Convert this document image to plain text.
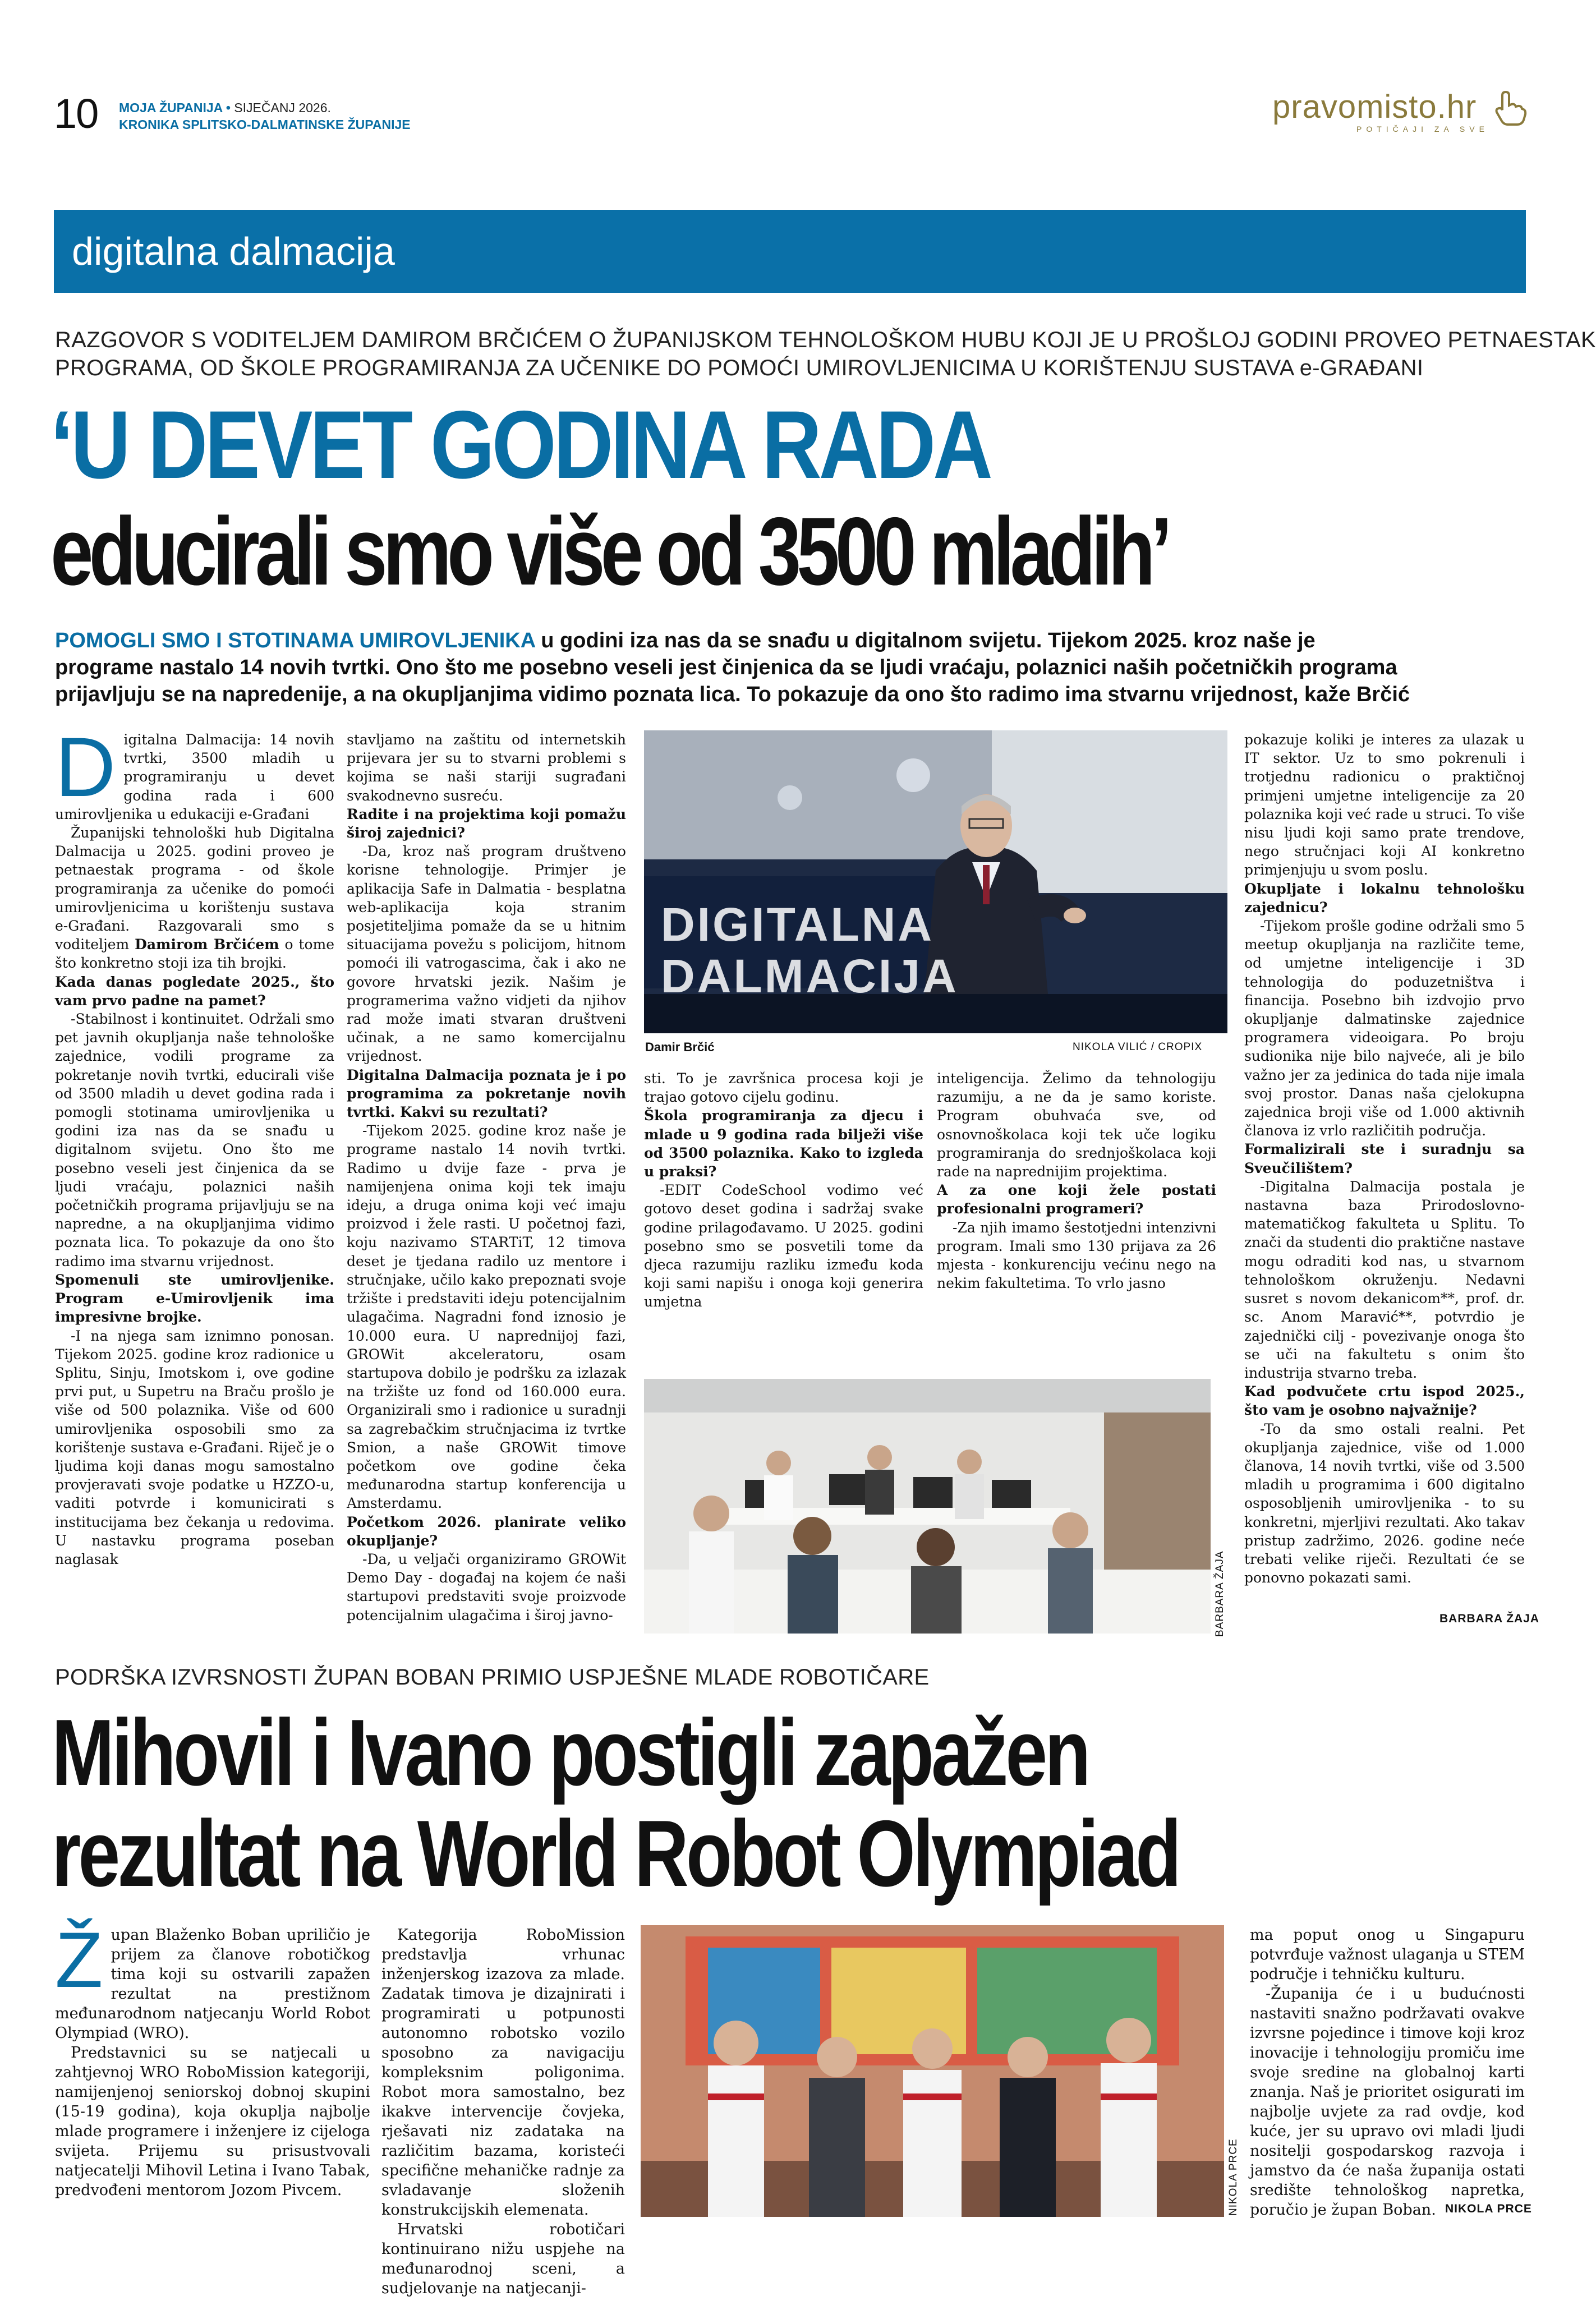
10 MOJA ŽUPANIJA • SIJEČANJ 2026.
KRONIKA SPLITSKO-DALMATINSKE ŽUPANIJE	pravomisto.hr
POTIČAJI ZA SVE
digitalna dalmacija
RAZGOVOR S VODITELJEM DAMIROM BRČIĆEM O ŽUPANIJSKOM TEHNOLOŠKOM HUBU KOJI JE U PROŠLOJ GODINI PROVEO PETNAESTAK
PROGRAMA, OD ŠKOLE PROGRAMIRANJA ZA UČENIKE DO POMOĆI UMIROVLJENICIMA U KORIŠTENJU SUSTAVA e-GRAĐANI
‘U DEVET GODINA RADA
educirali smo više od 3500 mladih’
POMOGLI SMO I STOTINAMA UMIROVLJENIKA u godini iza nas da se snađu u digitalnom svijetu. Tijekom 2025. kroz naše je
programe nastalo 14 novih tvrtki. Ono što me posebno veseli jest činjenica da se ljudi vraćaju, polaznici naših početničkih programa
prijavljuju se na napredenije, a na okupljanjima vidimo poznata lica. To pokazuje da ono što radimo ima stvarnu vrijednost, kaže Brčić
D igitalna Dalmacija: 14 novih tvrtki, 3500 mladih u programiranju u devet godina rada i 600 umirovljenika u edukaciji e-Građani

Županijski tehnološki hub Digitalna Dalmacija u 2025. godini proveo je petnaestak programa - od škole programiranja za učenike do pomoći umirovljenicima u korištenju sustava e-Građani. Razgovarali smo s voditeljem Damirom Brčićem o tome što konkretno stoji iza tih brojki.

Kada danas pogledate 2025., što vam prvo padne na pamet?

-Stabilnost i kontinuitet. Održali smo pet javnih okupljanja naše tehnološke zajednice, vodili programe za pokretanje novih tvrtki, educirali više od 3500 mladih u devet godina rada i pomogli stotinama umirovljenika u godini iza nas da se snađu u digitalnom svijetu. Ono što me posebno veseli jest činjenica da se ljudi vraćaju, polaznici naših početničkih programa prijavljuju se na napredne, a na okupljanjima vidimo poznata lica. To pokazuje da ono što radimo ima stvarnu vrijednost.

Spomenuli ste umirovljenike. Program e-Umirovljenik ima impresivne brojke.

-I na njega sam iznimno ponosan. Tijekom 2025. godine kroz radionice u Splitu, Sinju, Imotskom i, ove godine prvi put, u Supetru na Braču prošlo je više od 500 polaznika. Više od 600 umirovljenika osposobili smo za korištenje sustava e-Građani. Riječ je o ljudima koji danas mogu samostalno provjeravati svoje podatke u HZZO-u, vaditi potvrde i komunicirati s institucijama bez čekanja u redovima. U nastavku programa poseban naglasak

stavljamo na zaštitu od internetskih prijevara jer su to stvarni problemi s kojima se naši stariji sugrađani svakodnevno susreću.

Radite i na projektima koji pomažu širој zajednici?

-Da, kroz naš program društveno korisne tehnologije. Primjer je aplikacija Safe in Dalmatia - besplatna web-aplikacija koja stranim posjetiteljima pomaže da se u hitnim situacijama povežu s policijom, hitnom pomoći ili vatrogascima, čak i ako ne govore hrvatski jezik. Našim je programerima važno vidjeti da njihov rad može imati stvaran društveni učinak, a ne samo komercijalnu vrijednost.

Digitalna Dalmacija poznata je i po programima za pokretanje novih tvrtki. Kakvi su rezultati?

-Tijekom 2025. godine kroz naše je programe nastalo 14 novih tvrtki. Radimo u dvije faze - prva je namijenjena onima koji tek imaju ideju, a druga onima koji već imaju proizvod i žele rasti. U početnoj fazi, koju nazivamo STARTiT, 12 timova deset je tjedana radilo uz mentore i stručnjake, učilo kako prepoznati svoje tržište i predstaviti ideju potencijalnim ulagačima. Nagradni fond iznosio je 10.000 eura. U naprednijoj fazi, GROWit akceleratoru, osam startupova dobilo je podršku za izlazak na tržište uz fond od 160.000 eura. Organizirali smo i radionice u suradnji sa zagrebačkim stručnjacima iz tvrtke Smion, a naše GROWit timove početkom ove godine čeka međunarodna startup konferencija u Amsterdamu.

Početkom 2026. planirate veliko okupljanje?

-Da, u veljači organiziramo GROWit Demo Day - događaj na kojem će naši startupovi predstaviti svoje proizvode potencijalnim ulagačima i široj javno-

DIGITALNA DALMACIJA
Damir Brčić	NIKOLA VILIĆ / CROPIX

sti. To je završnica procesa koji je trajao gotovo cijelu godinu.

Škola programiranja za djecu i mlade u 9 godina rada bilježi više od 3500 polaznika. Kako to izgleda u praksi?

-EDIT CodeSchool vodimo već gotovo deset godina i sadržaj svake godine prilagođavamo. U 2025. godini posebno smo se posvetili tome da djeca razumiju razliku između koda koji sami napišu i onoga koji generira umjetna

inteligencija. Želimo da tehnologiju razumiju, a ne da je samo koriste. Program obuhvaća sve, od osnovnoškolaca koji tek uče logiku programiranja do srednjoškolaca koji rade na naprednijim projektima.

A za one koji žele postati profesionalni programeri?

-Za njih imamo šestotjedni intenzivni program. Imali smo 130 prijava za 26 mjesta - konkurenciju većinu nego na nekim fakultetima. To vrlo jasno

BARBARA ŽAJA

pokazuje koliki je interes za ulazak u IT sektor. Uz to smo pokrenuli i trotjednu radionicu o praktičnoj primjeni umjetne inteligencije za 20 polaznika koji već rade u struci. To više nisu ljudi koji samo prate trendove, nego stručnjaci koji AI konkretno primjenjuju u svom poslu.

Okupljate i lokalnu tehnološku zajednicu?

-Tijekom prošle godine održali smo 5 meetup okupljanja na različite teme, od umjetne inteligencije i 3D tehnologija do poduzetništva i financija. Posebno bih izdvojio prvo okupljanje dalmatinske zajednice programera videoigara. Po broju sudionika nije bilo najveće, ali je bilo važno jer za jedinica do tada nije imala svoj prostor. Danas naša cjelokupna zajednica broji više od 1.000 aktivnih članova iz vrlo različitih područja.

Formalizirali ste i suradnju sa Sveučilištem?

-Digitalna Dalmacija postala je nastavna baza Prirodoslovno-matematičkog fakulteta u Splitu. To znači da studenti dio praktične nastave mogu odraditi kod nas, u stvarnom tehnološkom okruženju. Nedavni susret s novom dekanicom**, prof. dr. sc. Anom Maravić**, potvrdio je zajednički cilj - povezivanje onoga što se uči na fakultetu s onim što industrija stvarno treba.

Kad podvučete crtu ispod 2025., što vam je osobno najvažnije?

-To da smo ostali realni. Pet okupljanja zajednice, više od 1.000 članova, 14 novih tvrtki, više od 3.500 mladih u programima i 600 digitalno osposobljenih umirovljenika - to su konkretni, mjerljivi rezultati. Ako takav pristup zadržimo, 2026. godine neće trebati velike riječi. Rezultati će se ponovno pokazati sami.

BARBARA ŽAJA
PODRŠKA IZVRSNOSTI ŽUPAN BOBAN PRIMIO USPJEŠNE MLADE ROBOTIČARE
Mihovil i Ivano postigli zapažen
rezultat na World Robot Olympiad
Ž upan Blaženko Boban upriličio je prijem za članove robotičkog tima koji su ostvarili zapažen rezultat na prestižnom međunarodnom natjecanju World Robot Olympiad (WRO).

Predstavnici su se natjecali u zahtjevnoj WRO RoboMission kategoriji, namijenjenoj seniorskoj dobnoj skupini (15-19 godina), koja okuplja najbolje mlade programere i inženjere iz cijeloga svijeta. Prijemu su prisustvovali natjecatelji Mihovil Letina i Ivano Tabak, predvođeni mentorom Jozom Pivcem.

Kategorija RoboMission predstavlja vrhunac inženjerskog izazova za mlade. Zadatak timova je dizajnirati i programirati u potpunosti autonomno robotsko vozilo sposobno za navigaciju kompleksnim poligonima. Robot mora samostalno, bez ikakve intervencije čovjeka, rješavati niz zadataka na različitim bazama, koristeći specifične mehaničke radnje za svladavanje složenih konstrukcijskih elemenata.

Hrvatski robotičari kontinuirano nižu uspjehe na međunarodnoj sceni, a sudjelovanje na natjecanji-

NIKOLA PRCE

ma poput onog u Singapuru potvrđuje važnost ulaganja u STEM područje i tehničku kulturu.

-Županija će i u budućnosti nastaviti snažno podržavati ovakve izvrsne pojedince i timove koji kroz inovacije i tehnologiju promiču ime svoje sredine na globalnoj karti znanja. Naš je prioritet osigurati im najbolje uvjete za rad ovdje, kod kuće, jer su upravo ovi mladi ljudi nositelji gospodarskog razvoja i jamstvo da će naša županija ostati središte tehnološkog napretka, poručio je župan Boban. NIKOLA PRCE
